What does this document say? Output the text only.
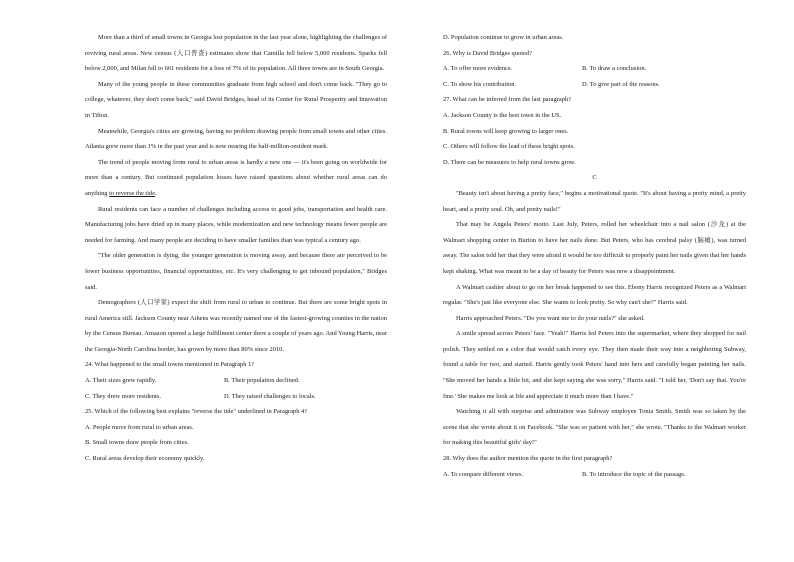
More than a third of small towns in Georgia lost population in the last year alone, highlighting the challenges of reviving rural areas. New census (人口普查) estimates show that Camilla fell below 5,000 residents. Sparks fell below 2,000, and Milan fell to 661 residents for a loss of 7% of its population. All three towns are in South Georgia.

Many of the young people in these communities graduate from high school and don't come back. "They go to college, whatever, they don't come back," said David Bridges, head of its Center for Rural Prosperity and Innovation in Tifton.

Meanwhile, Georgia's cities are growing, having no problem drawing people from small towns and other cities. Atlanta grew more than 1% in the past year and is now nearing the half-million-resident mark.

The trend of people moving from rural to urban areas is hardly a new one — it's been going on worldwide for more than a century. But continued population losses have raised questions about whether rural areas can do anything to reverse the tide.

Rural residents can face a number of challenges including access to good jobs, transportation and health care. Manufacturing jobs have dried up in many places, while modernization and new technology means fewer people are needed for farming. And many people are deciding to have smaller families than was typical a century ago.

"The older generation is dying, the younger generation is moving away, and because there are perceived to be fewer business opportunities, financial opportunities, etc. It's very challenging to get inbound population," Bridges said.

Demographers (人口学家) expect the shift from rural to urban to continue. But there are some bright spots in rural America still. Jackson County near Athens was recently named one of the fastest-growing counties in the nation by the Census Bureau. Amazon opened a large fulfillment center there a couple of years ago. And Young Harris, near the Georgia-North Carolina border, has grown by more than 80% since 2010.

24. What happened to the small towns mentioned in Paragraph 1?

A. Their sizes grew rapidly.	B. Their population declined.

C. They drew more residents.	D. They raised challenges to locals.

25. Which of the following best explains "reverse the tide" underlined in Paragraph 4?

A. People move from rural to urban areas.

B. Small towns draw people from cities.

C. Rural areas develop their economy quickly.

D. Population continue to grow in urban areas.

26. Why is David Bridges quoted?

A. To offer more evidence.	B. To draw a conclusion.

C. To show his contribution.	D. To give part of the reasons.

27. What can be inferred from the last paragraph?

A. Jackson County is the best town in the US.

B. Rural towns will keep growing to larger ones.

C. Others will follow the lead of these bright spots.

D. There can be measures to help rural towns grow.

C

"Beauty isn't about having a pretty face," begins a motivational quote. "It's about having a pretty mind, a pretty heart, and a pretty soul. Oh, and pretty nails!"

That may be Angela Peters' motto. Last July, Peters, rolled her wheelchair into a nail salon (沙龙) at the Walmart shopping center in Burton to have her nails done. But Peters, who has cerebral palsy (脑瘫), was turned away. The salon told her that they were afraid it would be too difficult to properly paint her nails given that her hands kept shaking. What was meant to be a day of beauty for Peters was now a disappointment.

A Walmart cashier about to go on her break happened to see this. Ebony Harris recognized Peters as a Walmart regular. "She's just like everyone else. She wants to look pretty. So why can't she?" Harris said.

Harris approached Peters. "Do you want me to do your nails?" she asked.

A smile spread across Peters' face. "Yeah!" Harris led Peters into the supermarket, where they shopped for nail polish. They settled on a color that would catch every eye. They then made their way into a neighboring Subway, found a table for two, and started. Harris gently took Peters' hand into hers and carefully began painting her nails. "She moved her hands a little bit, and she kept saying she was sorry," Harris said. "I told her, 'Don't say that. You're fine.' She makes me look at life and appreciate it much more than I have."

Watching it all with surprise and admiration was Subway employee Tonia Smith. Smith was so taken by the scene that she wrote about it on Facebook. "She was so patient with her," she wrote. "Thanks to the Walmart worker for making this beautiful girls' day!"

28. Why does the author mention the quote in the first paragraph?

A. To compare different views.	B. To introduce the topic of the passage.
